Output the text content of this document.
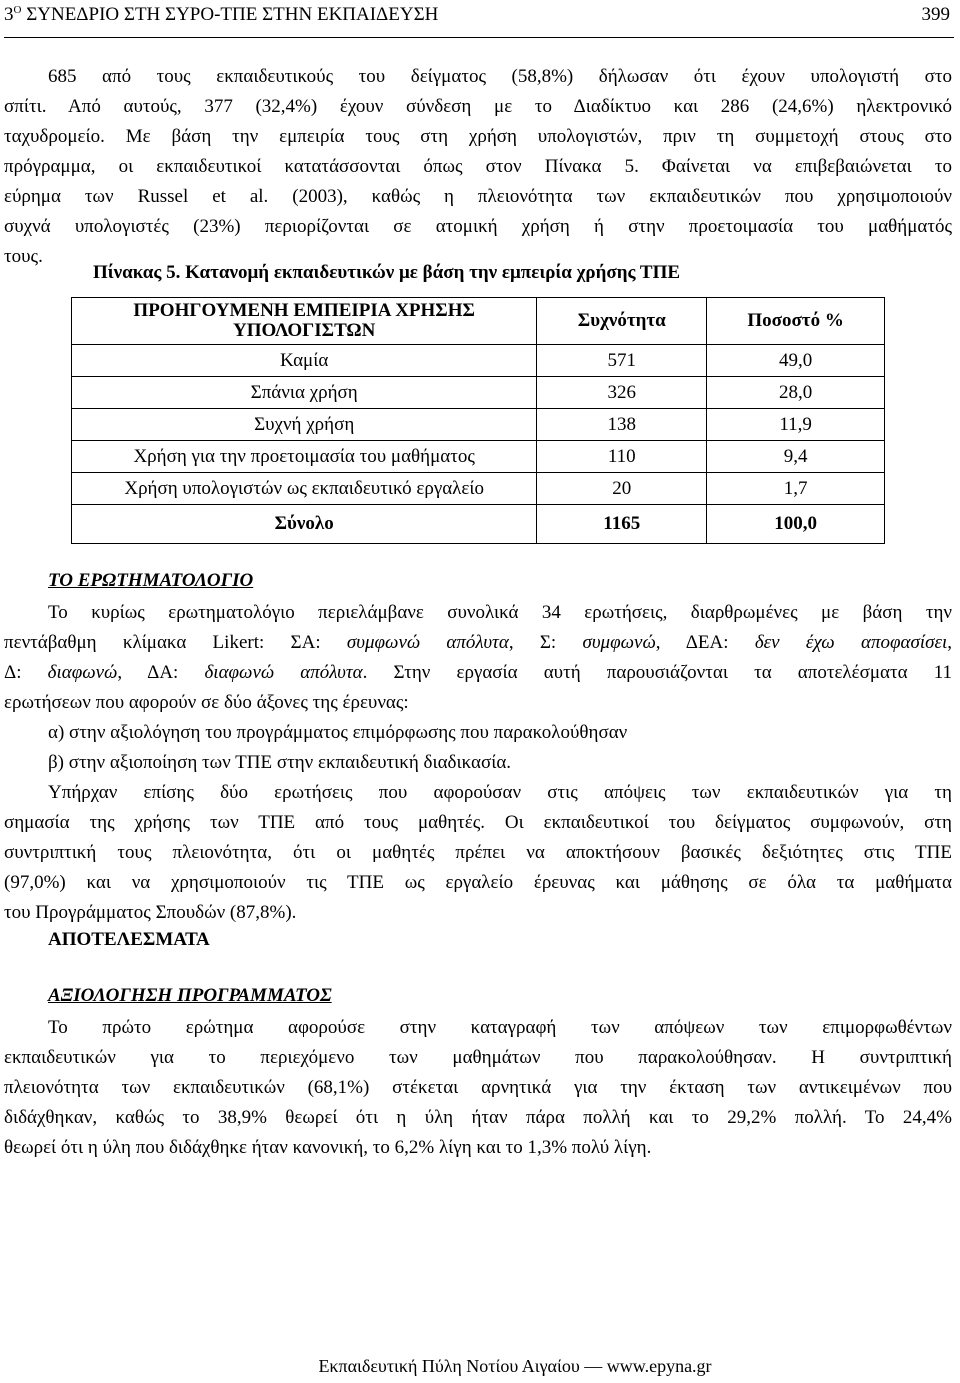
$3^O$ ΣΥΝΕΔΡΙΟ ΣΤΗ ΣΥΡΟ-ΤΠΕ ΣΤΗΝ ΕΚΠΑΙΔΕΥΣΗ	399
685 από τους εκπαιδευτικούς του δείγματος (58,8%) δήλωσαν ότι έχουν υπολογιστή στο
σπίτι. Από αυτούς, 377 (32,4%) έχουν σύνδεση με το Διαδίκτυο και 286 (24,6%) ηλεκτρονικό
ταχυδρομείο. Με βάση την εμπειρία τους στη χρήση υπολογιστών, πριν τη συμμετοχή στους στο
πρόγραμμα, οι εκπαιδευτικοί κατατάσσονται όπως στον Πίνακα 5. Φαίνεται να επιβεβαιώνεται το
εύρημα των Russel et al. (2003), καθώς η πλειονότητα των εκπαιδευτικών που χρησιμοποιούν
συχνά υπολογιστές (23%) περιορίζονται σε ατομική χρήση ή στην προετοιμασία του μαθήματός
τους.
Πίνακας 5. Κατανομή εκπαιδευτικών με βάση την εμπειρία χρήσης ΤΠΕ
ΠΡΟΗΓΟΥΜΕΝΗ ΕΜΠΕΙΡΙΑ ΧΡΗΣΗΣ ΥΠΟΛΟΓΙΣΤΩΝ	Συχνότητα	Ποσοστό %
Καμία	571	49,0
Σπάνια χρήση	326	28,0
Συχνή χρήση	138	11,9
Χρήση για την προετοιμασία του μαθήματος	110	9,4
Χρήση υπολογιστών ως εκπαιδευτικό εργαλείο	20	1,7
Σύνολο	1165	100,0
ΤΟ ΕΡΩΤΗΜΑΤΟΛΟΓΙΟ
Το κυρίως ερωτηματολόγιο περιελάμβανε συνολικά 34 ερωτήσεις, διαρθρωμένες με βάση την
πεντάβαθμη κλίμακα Likert: ΣΑ: συμφωνώ απόλυτα, Σ: συμφωνώ, ΔΕΑ: δεν έχω αποφασίσει,
Δ: διαφωνώ, ΔΑ: διαφωνώ απόλυτα. Στην εργασία αυτή παρουσιάζονται τα αποτελέσματα 11
ερωτήσεων που αφορούν σε δύο άξονες της έρευνας:
α) στην αξιολόγηση του προγράμματος επιμόρφωσης που παρακολούθησαν
β) στην αξιοποίηση των ΤΠΕ στην εκπαιδευτική διαδικασία.
Υπήρχαν επίσης δύο ερωτήσεις που αφορούσαν στις απόψεις των εκπαιδευτικών για τη
σημασία της χρήσης των ΤΠΕ από τους μαθητές. Οι εκπαιδευτικοί του δείγματος συμφωνούν, στη
συντριπτική τους πλειονότητα, ότι οι μαθητές πρέπει να αποκτήσουν βασικές δεξιότητες στις ΤΠΕ
(97,0%) και να χρησιμοποιούν τις ΤΠΕ ως εργαλείο έρευνας και μάθησης σε όλα τα μαθήματα
του Προγράμματος Σπουδών (87,8%).
ΑΠΟΤΕΛΕΣΜΑΤΑ
ΑΞΙΟΛΟΓΗΣΗ ΠΡΟΓΡΑΜΜΑΤΟΣ
Το πρώτο ερώτημα αφορούσε στην καταγραφή των απόψεων των επιμορφωθέντων
εκπαιδευτικών για το περιεχόμενο των μαθημάτων που παρακολούθησαν. Η συντριπτική
πλειονότητα των εκπαιδευτικών (68,1%) στέκεται αρνητικά για την έκταση των αντικειμένων που
διδάχθηκαν, καθώς το 38,9% θεωρεί ότι η ύλη ήταν πάρα πολλή και το 29,2% πολλή. Το 24,4%
θεωρεί ότι η ύλη που διδάχθηκε ήταν κανονική, το 6,2% λίγη και το 1,3% πολύ λίγη.
Εκπαιδευτική Πύλη Νοτίου Αιγαίου — www.epyna.gr
